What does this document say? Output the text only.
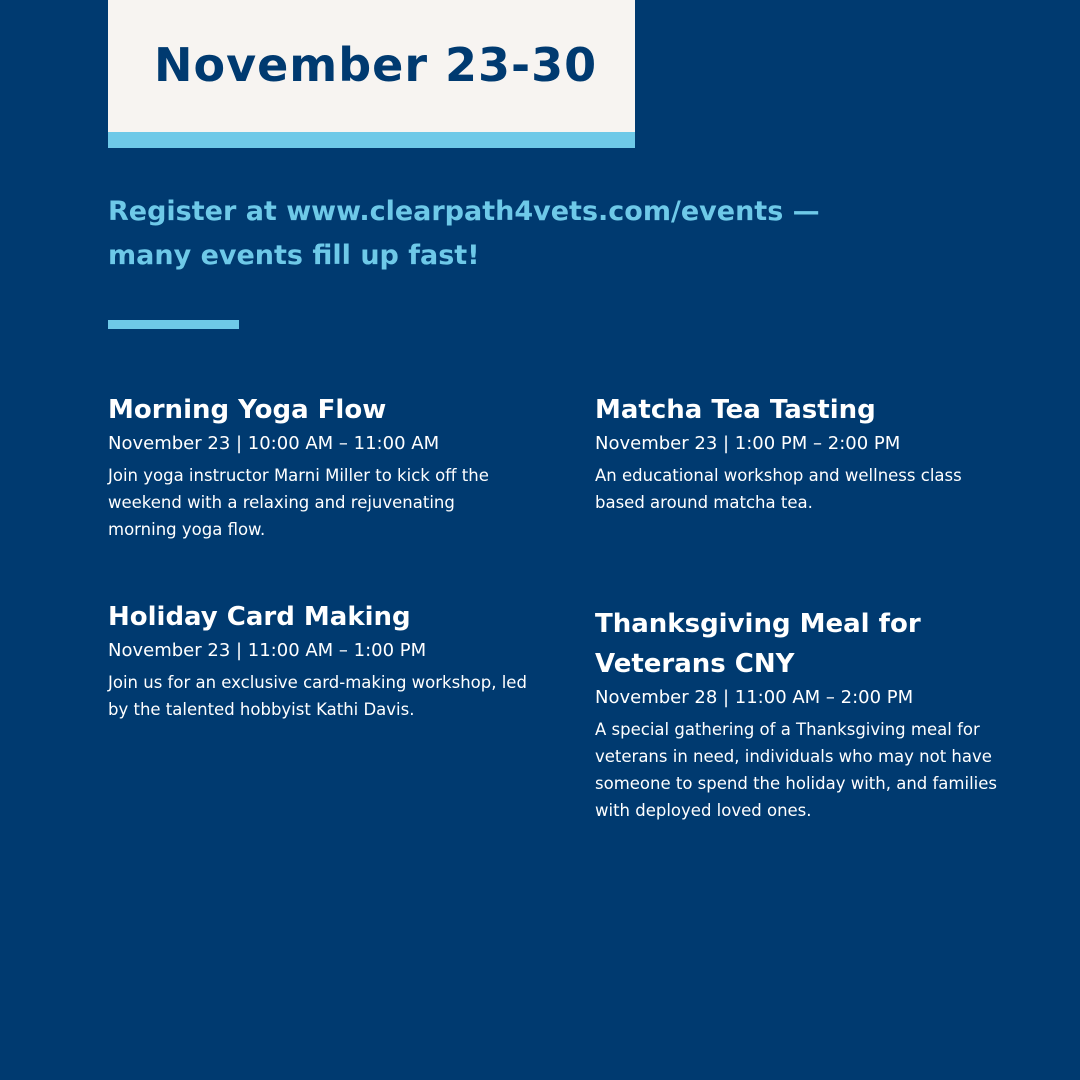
November 23-30

Register at www.clearpath4vets.com/events — many events fill up fast!

Morning Yoga Flow

November 23 | 10:00 AM – 11:00 AM

Join yoga instructor Marni Miller to kick off the weekend with a relaxing and rejuvenating morning yoga flow.

Matcha Tea Tasting

November 23 | 1:00 PM – 2:00 PM

An educational workshop and wellness class based around matcha tea.

Holiday Card Making

November 23 | 11:00 AM – 1:00 PM

Join us for an exclusive card-making workshop, led by the talented hobbyist Kathi Davis.

Thanksgiving Meal for Veterans CNY

November 28 | 11:00 AM – 2:00 PM

A special gathering of a Thanksgiving meal for veterans in need, individuals who may not have someone to spend the holiday with, and families with deployed loved ones.
